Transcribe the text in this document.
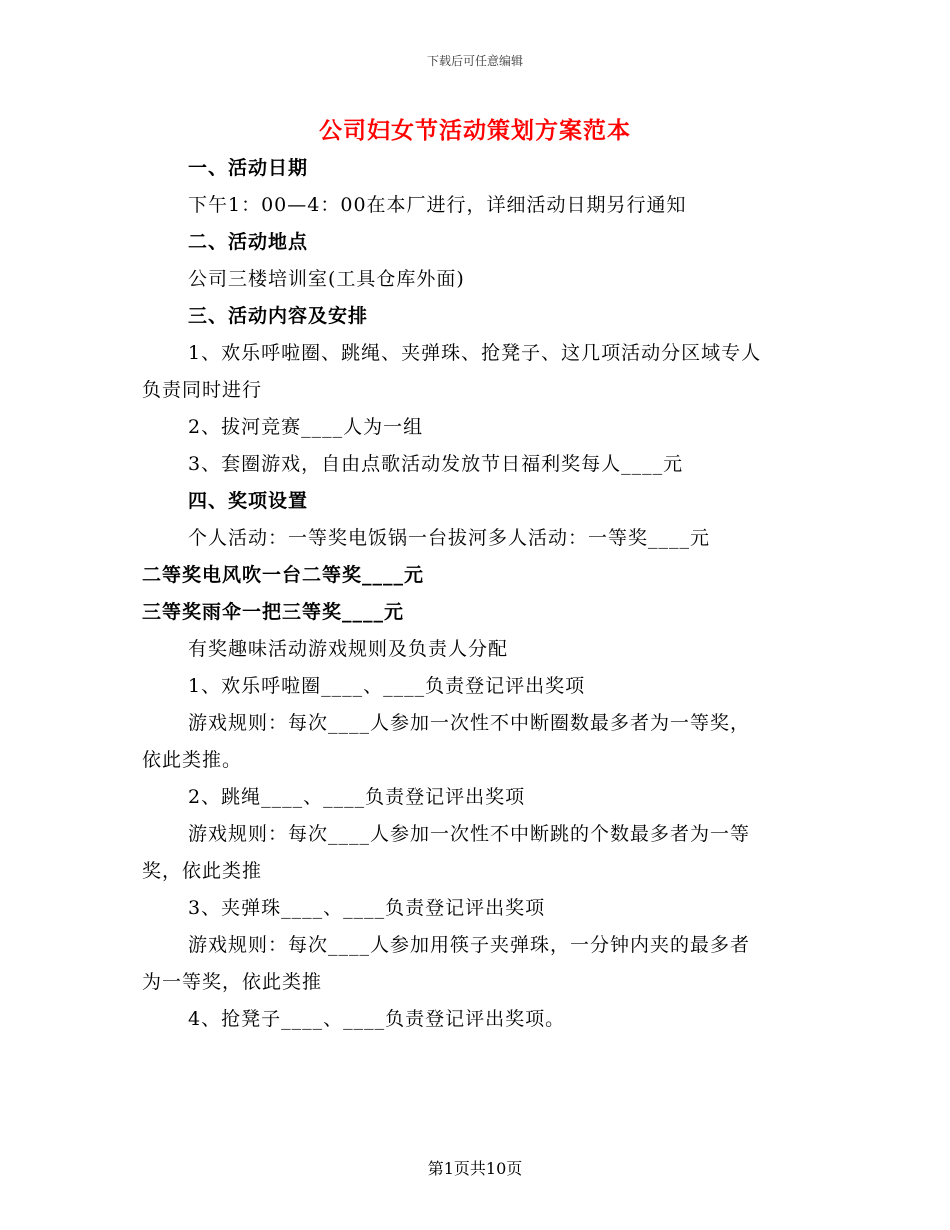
下载后可任意编辑
公司妇女节活动策划方案范本
一、活动日期
下午1：00—4：00在本厂进行，详细活动日期另行通知
二、活动地点
公司三楼培训室(工具仓库外面)
三、活动内容及安排
1、欢乐呼啦圈、跳绳、夹弹珠、抢凳子、这几项活动分区域专人
负责同时进行
2、拔河竞赛____人为一组
3、套圈游戏，自由点歌活动发放节日福利奖每人____元
四、奖项设置
个人活动：一等奖电饭锅一台拔河多人活动：一等奖____元
二等奖电风吹一台二等奖____元
三等奖雨伞一把三等奖____元
有奖趣味活动游戏规则及负责人分配
1、欢乐呼啦圈____、____负责登记评出奖项
游戏规则：每次____人参加一次性不中断圈数最多者为一等奖，
依此类推。
2、跳绳____、____负责登记评出奖项
游戏规则：每次____人参加一次性不中断跳的个数最多者为一等
奖，依此类推
3、夹弹珠____、____负责登记评出奖项
游戏规则：每次____人参加用筷子夹弹珠，一分钟内夹的最多者
为一等奖，依此类推
4、抢凳子____、____负责登记评出奖项。
第1页共10页
